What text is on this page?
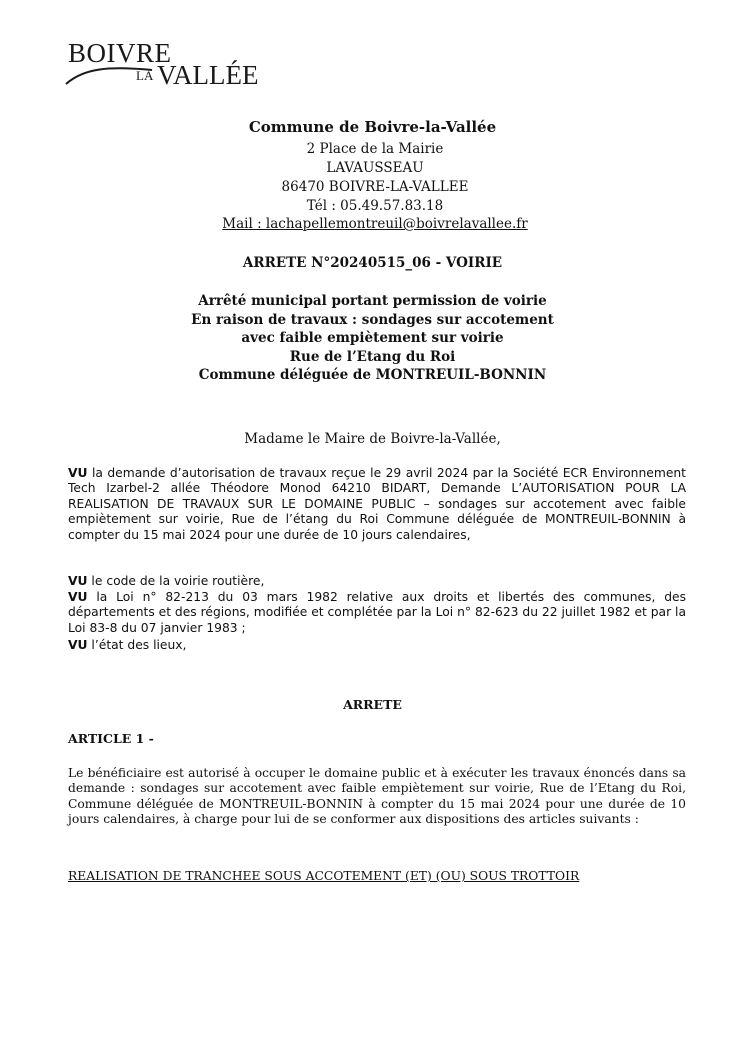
BOIVRE
LA VALLÉE
Commune de Boivre-la-Vallée
2 Place de la Mairie
LAVAUSSEAU
86470 BOIVRE-LA-VALLEE
Tél : 05.49.57.83.18
Mail : lachapellemontreuil@boivrelavallee.fr
ARRETE N°20240515_06 - VOIRIE
Arrêté municipal portant permission de voirie
En raison de travaux : sondages sur accotement
avec faible empiètement sur voirie
Rue de l’Etang du Roi
Commune déléguée de MONTREUIL-BONNIN
Madame le Maire de Boivre-la-Vallée,
VU la demande d’autorisation de travaux reçue le 29 avril 2024 par la Société ECR Environnement Tech Izarbel-2 allée Théodore Monod 64210 BIDART, Demande L’AUTORISATION POUR LA REALISATION DE TRAVAUX SUR LE DOMAINE PUBLIC – sondages sur accotement avec faible empiètement sur voirie, Rue de l’étang du Roi Commune déléguée de MONTREUIL-BONNIN à compter du 15 mai 2024 pour une durée de 10 jours calendaires,
VU le code de la voirie routière,
VU la Loi n° 82-213 du 03 mars 1982 relative aux droits et libertés des communes, des départements et des régions, modifiée et complétée par la Loi n° 82-623 du 22 juillet 1982 et par la Loi 83-8 du 07 janvier 1983 ;
VU l’état des lieux,
ARRETE
ARTICLE 1 -
Le bénéficiaire est autorisé à occuper le domaine public et à exécuter les travaux énoncés dans sa demande : sondages sur accotement avec faible empiètement sur voirie, Rue de l’Etang du Roi, Commune déléguée de MONTREUIL-BONNIN à compter du 15 mai 2024 pour une durée de 10 jours calendaires, à charge pour lui de se conformer aux dispositions des articles suivants :
REALISATION DE TRANCHEE SOUS ACCOTEMENT (ET) (OU) SOUS TROTTOIR
